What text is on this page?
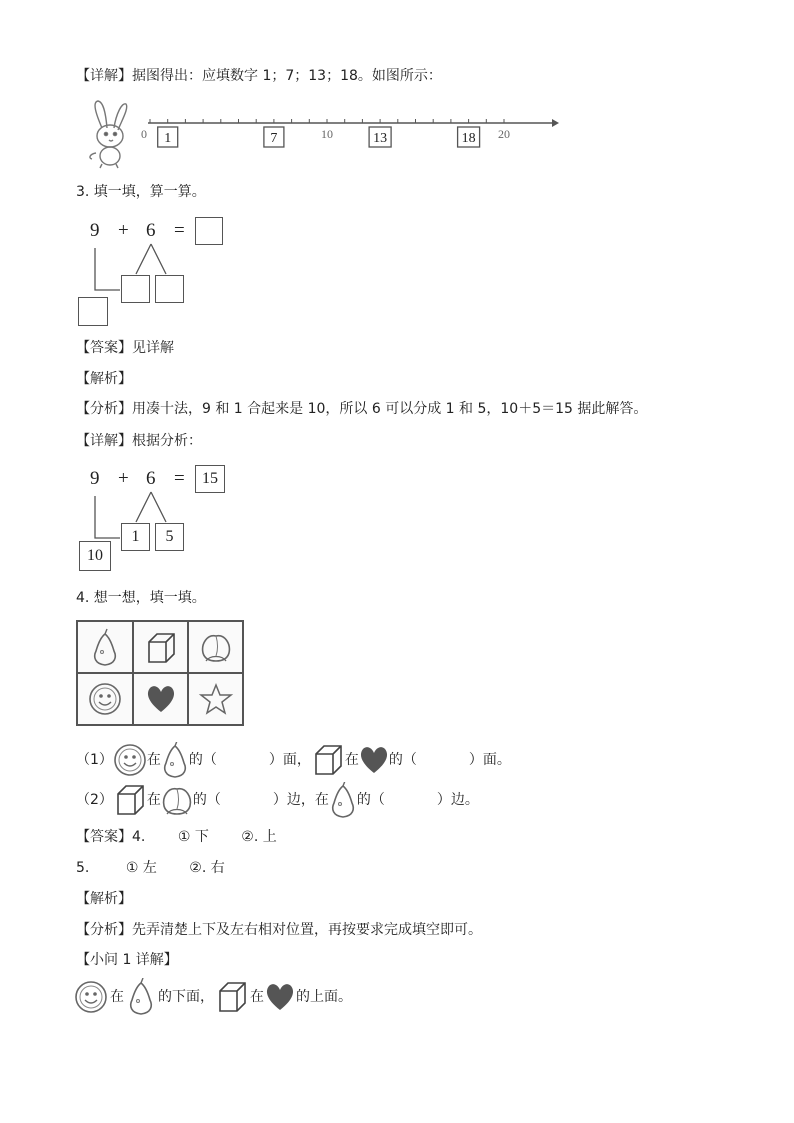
【详解】据图得出：应填数字 1；7；13；18。如图所示：
0	10	20
1	7	13	18
3. 填一填，算一算。
9 + 6 =
【答案】见详解
【解析】
【分析】用凑十法，9 和 1 合起来是 10，所以 6 可以分成 1 和 5，10＋5＝15 据此解答。
【详解】根据分析：
9 + 6 =	15
1	5
10
4. 想一想，填一填。
（1） 在 的（	）面， 在 的（	）面。
（2） 在 的（	）边，在 的（	）边。
【答案】4. ① 下 ②. 上
5.	① 左 ②. 右
【解析】
【分析】先弄清楚上下及左右相对位置，再按要求完成填空即可。
【小问 1 详解】
在 的下面，	在 的上面。
